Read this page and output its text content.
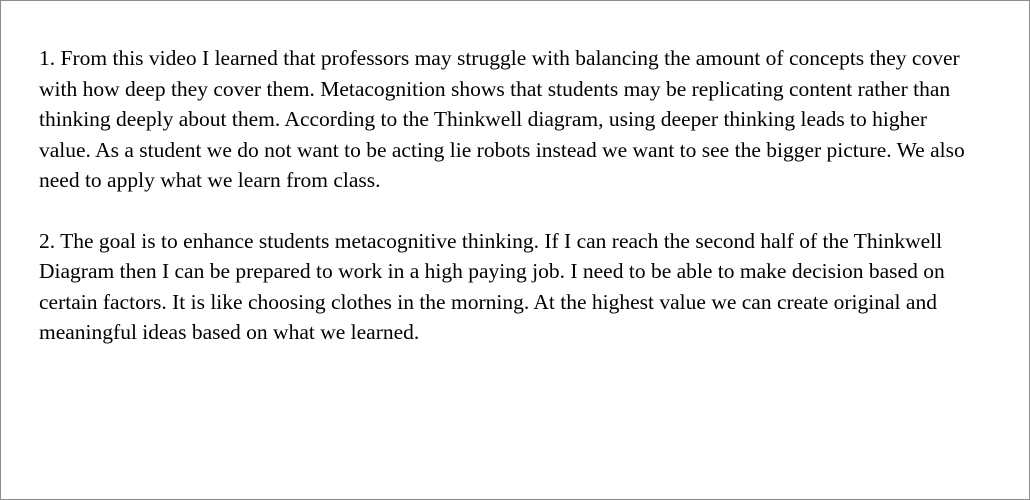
1. From this video I learned that professors may struggle with balancing the amount of concepts they cover with how deep they cover them. Metacognition shows that students may be replicating content rather than thinking deeply about them. According to the Thinkwell diagram, using deeper thinking leads to higher value. As a student we do not want to be acting lie robots instead we want to see the bigger picture. We also need to apply what we learn from class.

2. The goal is to enhance students metacognitive thinking. If I can reach the second half of the Thinkwell Diagram then I can be prepared to work in a high paying job. I need to be able to make decision based on certain factors. It is like choosing clothes in the morning. At the highest value we can create original and meaningful ideas based on what we learned.
